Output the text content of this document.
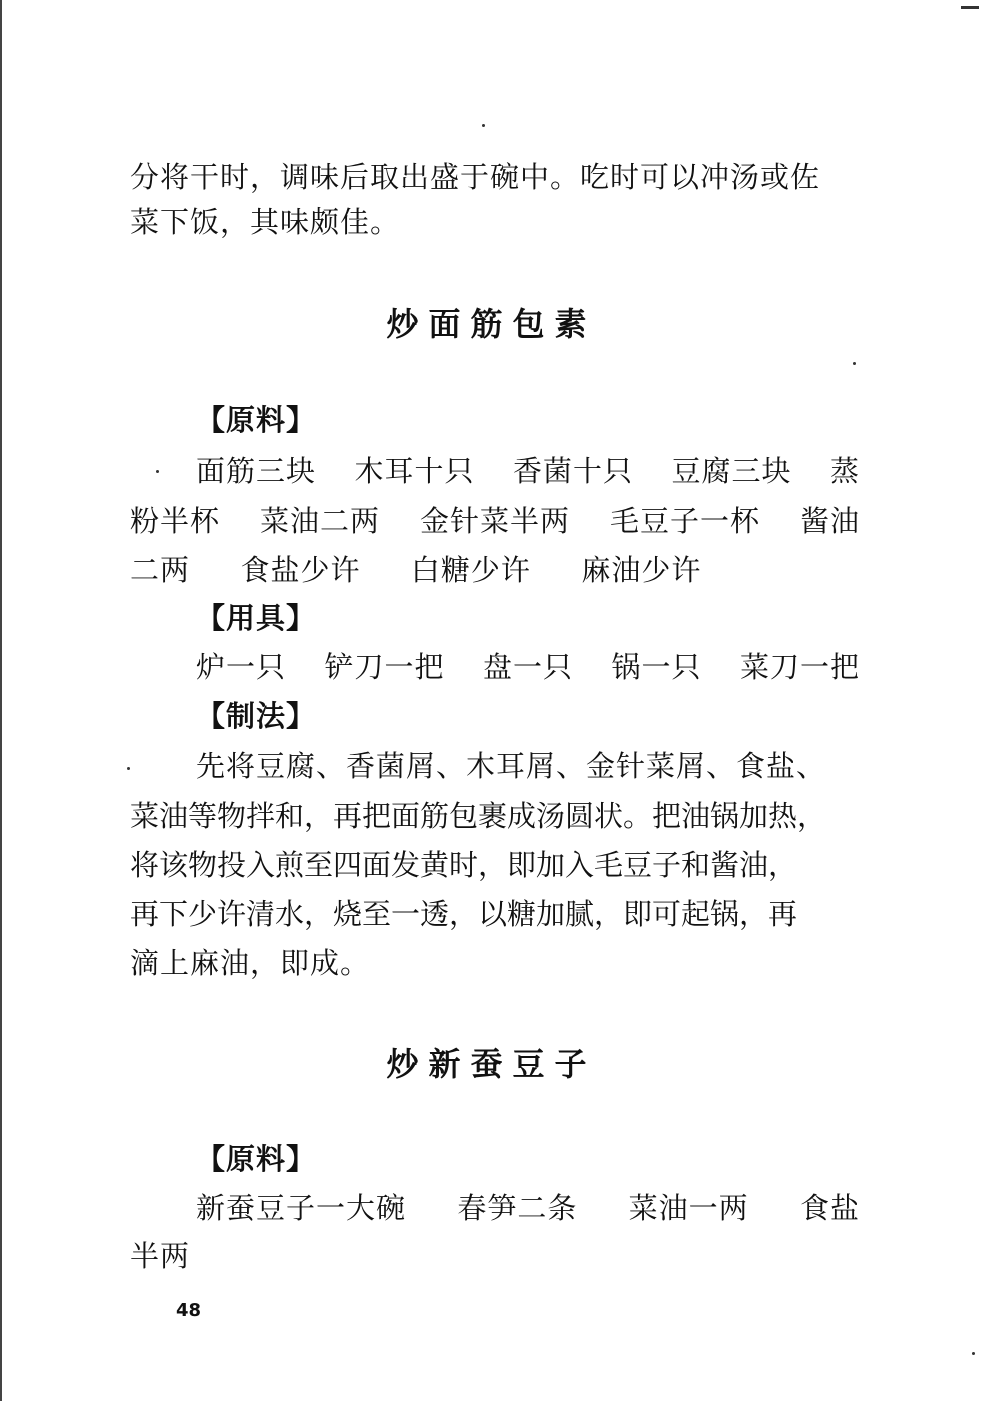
分将干时，调味后取出盛于碗中。吃时可以冲汤或佐
菜下饭，其味颇佳。
炒面筋包素
【原料】
面筋三块 木耳十只 香菌十只 豆腐三块 蒸
粉半杯 菜油二两 金针菜半两 毛豆子一杯 酱油
二两 食盐少许 白糖少许 麻油少许
【用具】
炉一只 铲刀一把 盘一只 锅一只 菜刀一把
【制法】
先将豆腐、香菌屑、木耳屑、金针菜屑、食盐、
菜油等物拌和，再把面筋包裹成汤圆状。把油锅加热，
将该物投入煎至四面发黄时，即加入毛豆子和酱油，
再下少许清水，烧至一透，以糖加腻，即可起锅，再
滴上麻油，即成。
炒新蚕豆子
【原料】
新蚕豆子一大碗 春笋二条 菜油一两 食盐
半两
48
